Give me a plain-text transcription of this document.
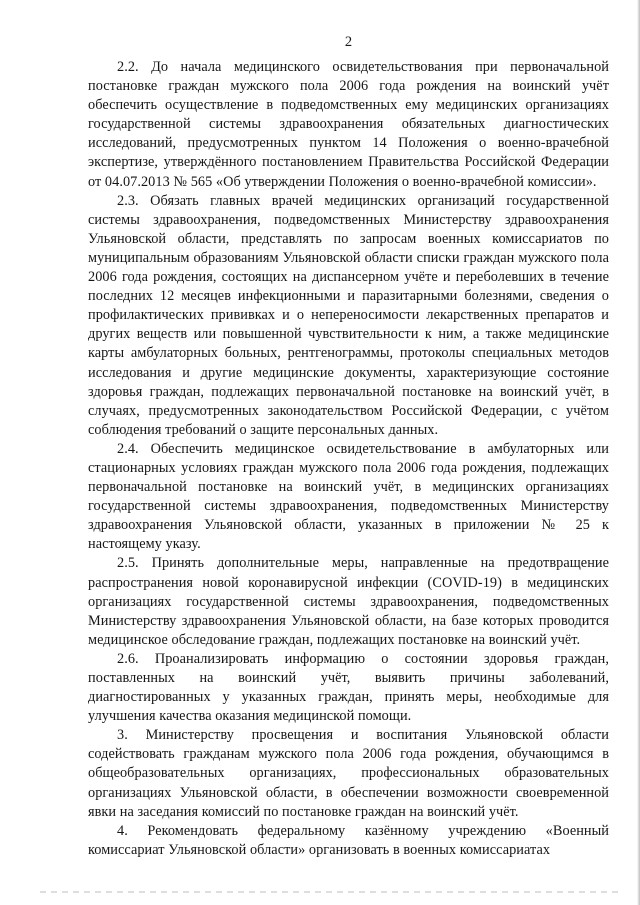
2

2.2. До начала медицинского освидетельствования при первоначальной постановке граждан мужского пола 2006 года рождения на воинский учёт обеспечить осуществление в подведомственных ему медицинских организациях государственной системы здравоохранения обязательных диагностических исследований, предусмотренных пунктом 14 Положения о военно-врачебной экспертизе, утверждённого постановлением Правительства Российской Федерации от 04.07.2013 № 565 «Об утверждении Положения о военно-врачебной комиссии».

2.3. Обязать главных врачей медицинских организаций государственной системы здравоохранения, подведомственных Министерству здравоохранения Ульяновской области, представлять по запросам военных комиссариатов по муниципальным образованиям Ульяновской области списки граждан мужского пола 2006 года рождения, состоящих на диспансерном учёте и переболевших в течение последних 12 месяцев инфекционными и паразитарными болезнями, сведения о профилактических прививках и о непереносимости лекарственных препаратов и других веществ или повышенной чувствительности к ним, а также медицинские карты амбулаторных больных, рентгенограммы, протоколы специальных методов исследования и другие медицинские документы, характеризующие состояние здоровья граждан, подлежащих первоначальной постановке на воинский учёт, в случаях, предусмотренных законодательством Российской Федерации, с учётом соблюдения требований о защите персональных данных.

2.4. Обеспечить медицинское освидетельствование в амбулаторных или стационарных условиях граждан мужского пола 2006 года рождения, подлежащих первоначальной постановке на воинский учёт, в медицинских организациях государственной системы здравоохранения, подведомственных Министерству здравоохранения Ульяновской области, указанных в приложении № 25 к настоящему указу.

2.5. Принять дополнительные меры, направленные на предотвращение распространения новой коронавирусной инфекции (COVID-19) в медицинских организациях государственной системы здравоохранения, подведомственных Министерству здравоохранения Ульяновской области, на базе которых проводится медицинское обследование граждан, подлежащих постановке на воинский учёт.

2.6. Проанализировать информацию о состоянии здоровья граждан, поставленных на воинский учёт, выявить причины заболеваний, диагностированных у указанных граждан, принять меры, необходимые для улучшения качества оказания медицинской помощи.

3. Министерству просвещения и воспитания Ульяновской области содействовать гражданам мужского пола 2006 года рождения, обучающимся в общеобразовательных организациях, профессиональных образовательных организациях Ульяновской области, в обеспечении возможности своевременной явки на заседания комиссий по постановке граждан на воинский учёт.

4. Рекомендовать федеральному казённому учреждению «Военный комиссариат Ульяновской области» организовать в военных комиссариатах
